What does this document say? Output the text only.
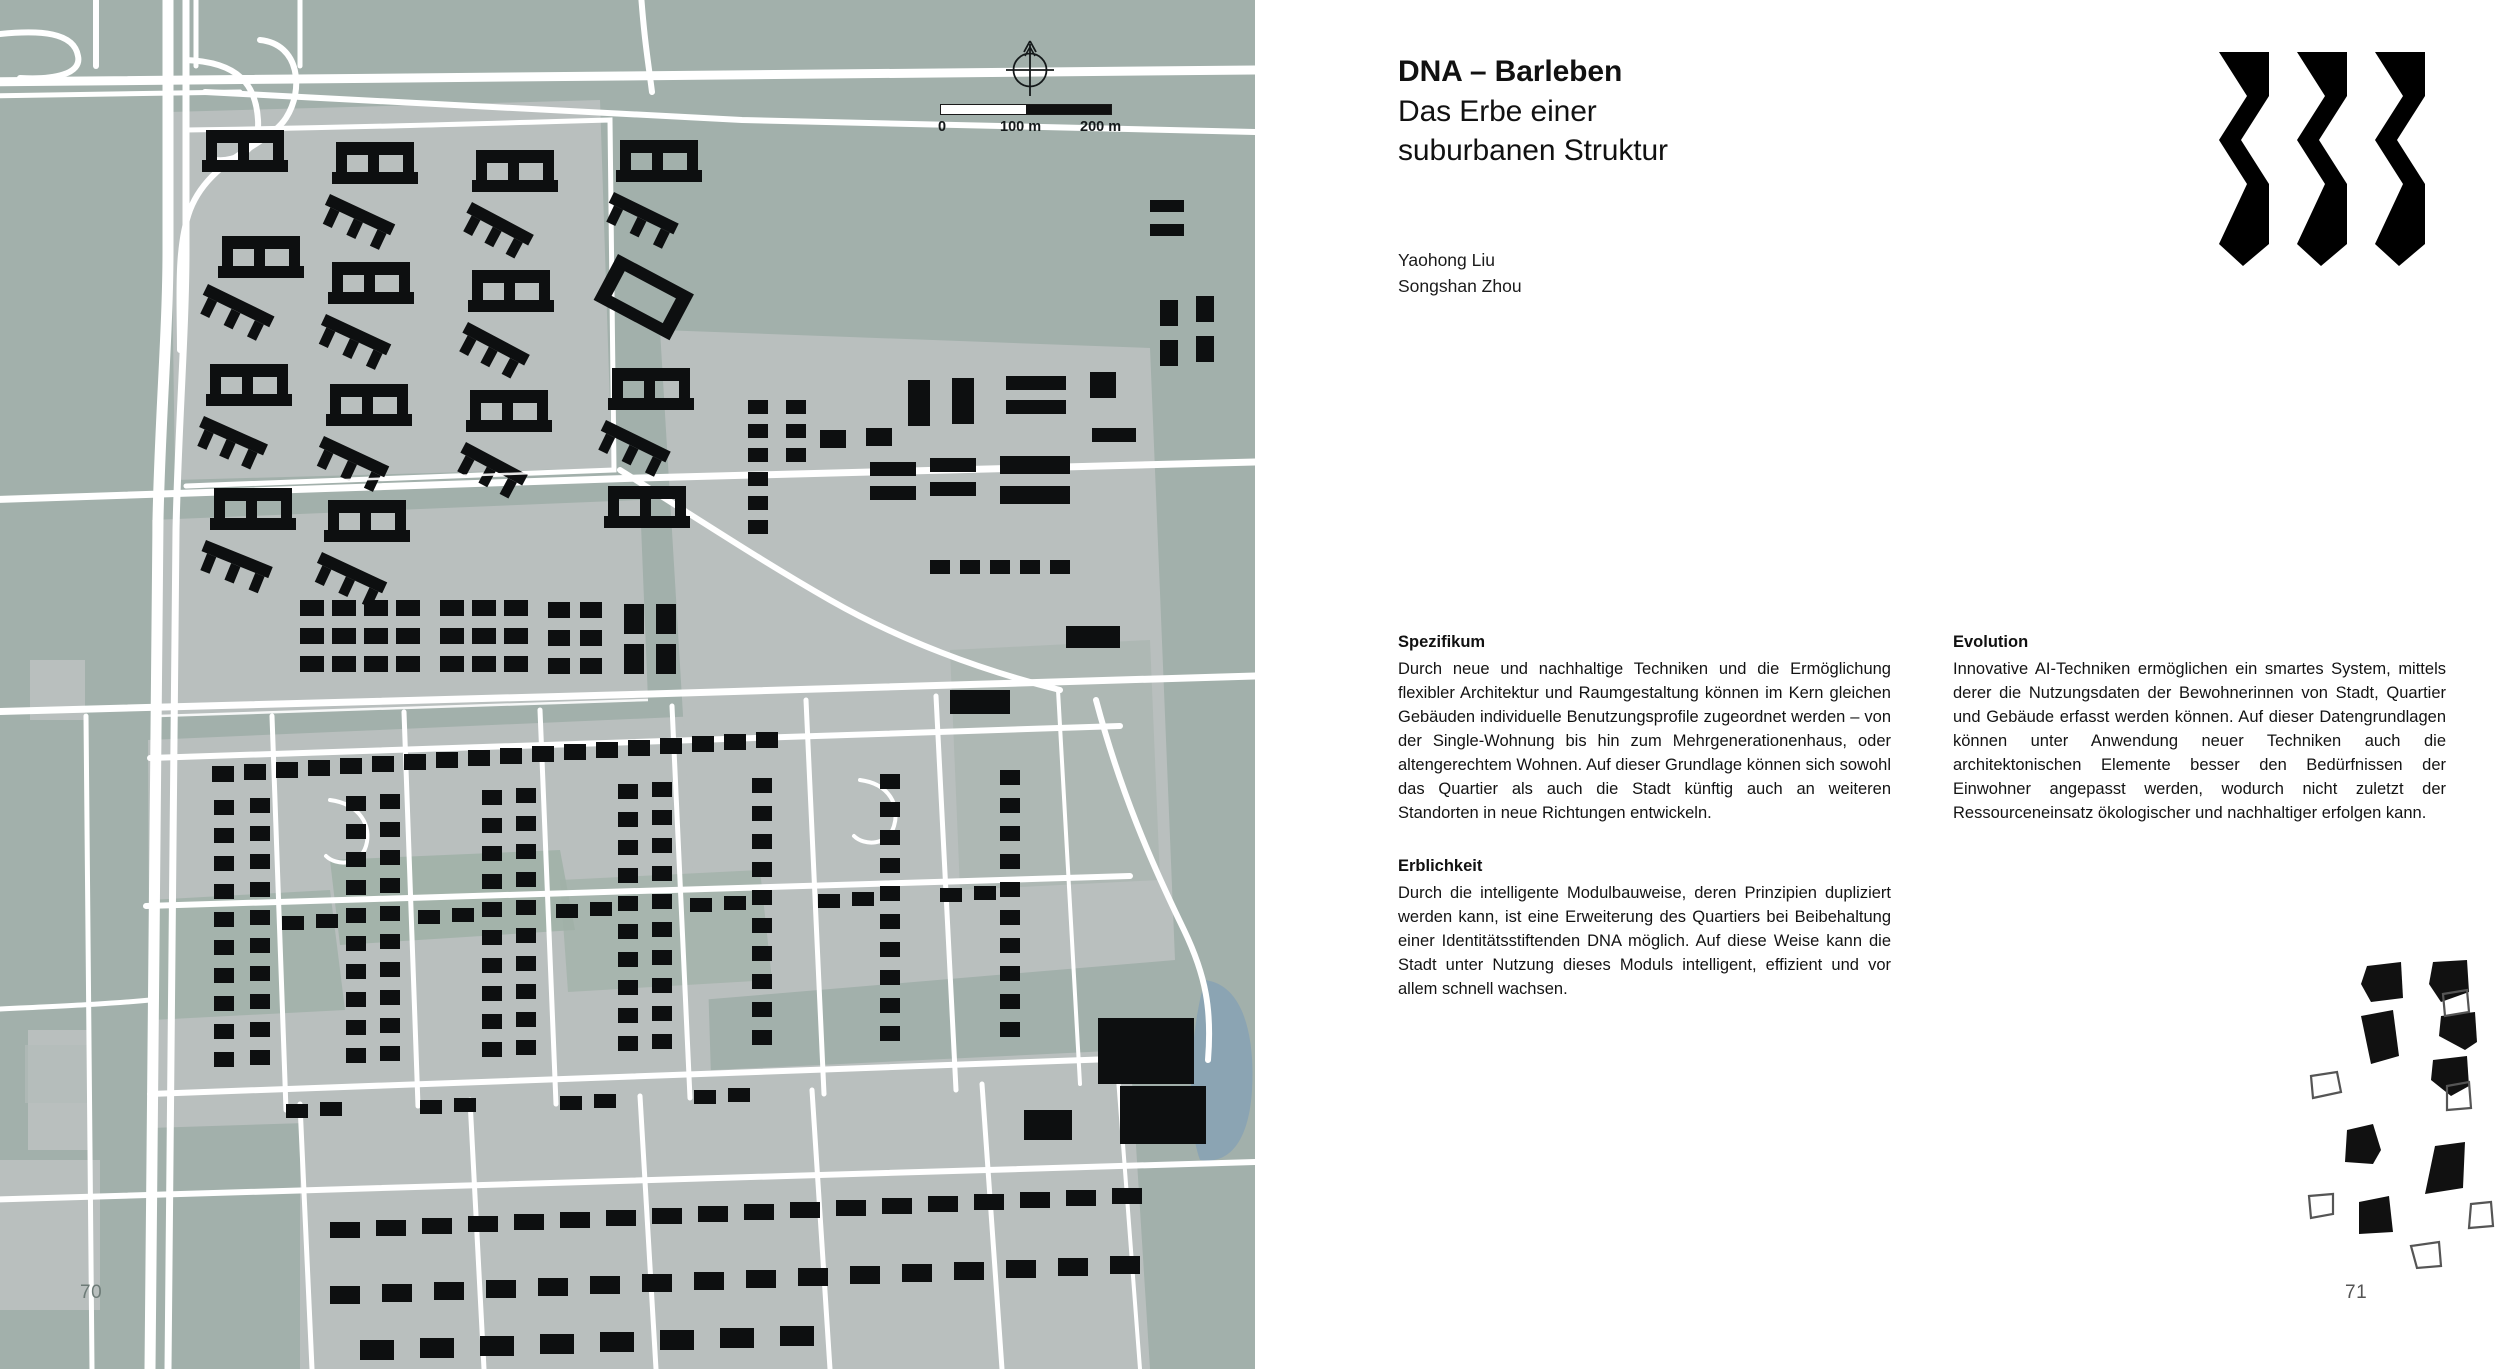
0	100 m	200 m
70
DNA – Barleben
Das Erbe einer
suburbanen Struktur
Yaohong Liu
Songshan Zhou
Spezifikum

Durch neue und nachhaltige Techniken und die Ermöglichung flexibler Architektur und Raumgestaltung können im Kern gleichen Gebäuden individuelle Benutzungsprofile zugeordnet werden – von der Single-Wohnung bis hin zum Mehrgenerationenhaus, oder altengerechtem Wohnen. Auf dieser Grundlage können sich sowohl das Quartier als auch die Stadt künftig auch an weiteren Standorten in neue Richtungen entwickeln.

Erblichkeit

Durch die intelligente Modulbauweise, deren Prinzipien dupliziert werden kann, ist eine Erweiterung des Quartiers bei Beibehaltung einer Identitätsstiftenden DNA möglich. Auf diese Weise kann die Stadt unter Nutzung dieses Moduls intelligent, effizient und vor allem schnell wachsen.

Evolution

Innovative AI-Techniken ermöglichen ein smartes System, mittels derer die Nutzungsdaten der Bewohnerinnen von Stadt, Quartier und Gebäude erfasst werden können. Auf dieser Datengrundlagen können unter Anwendung neuer Techniken auch die architektonischen Elemente besser den Bedürfnissen der Einwohner angepasst werden, wodurch nicht zuletzt der Ressourceneinsatz ökologischer und nachhaltiger erfolgen kann.

71
